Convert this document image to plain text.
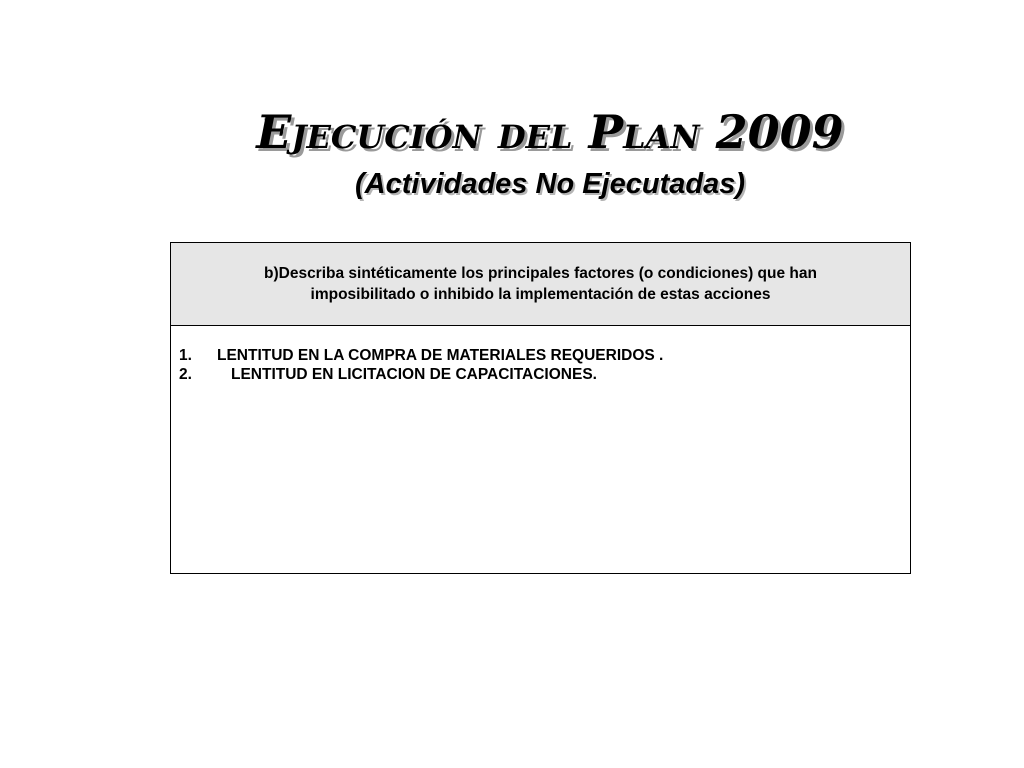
Ejecución del Plan 2009
(Actividades No Ejecutadas)
b)Describa sintéticamente los principales factores (o condiciones) que han
imposibilitado o inhibido la implementación de estas acciones
1. LENTITUD EN LA COMPRA DE MATERIALES REQUERIDOS .
2.	LENTITUD EN LICITACION DE CAPACITACIONES.
